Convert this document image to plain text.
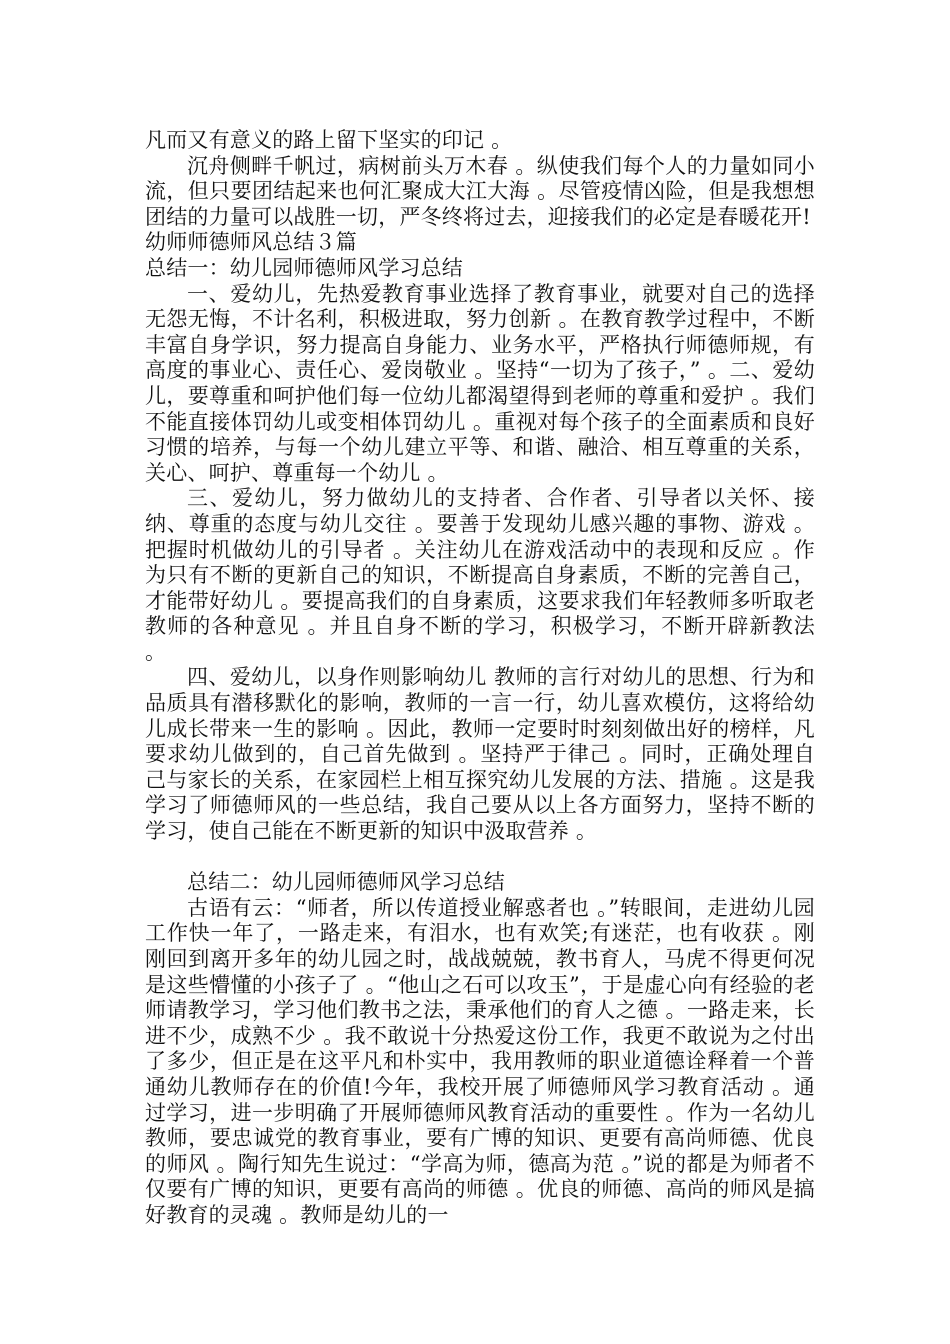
凡而又有意义的路上留下坚实的印记 。

沉舟侧畔千帆过，病树前头万木春 。纵使我们每个人的力量如同小流，但只要团结起来也何汇聚成大江大海 。尽管疫情凶险，但是我想想团结的力量可以战胜一切，严冬终将过去，迎接我们的必定是春暖花开!

幼师师德师风总结３篇

总结一：幼儿园师德师风学习总结

一、爱幼儿，先热爱教育事业选择了教育事业，就要对自己的选择无怨无悔，不计名利，积极进取，努力创新 。在教育教学过程中，不断丰富自身学识，努力提高自身能力、业务水平，严格执行师德师规，有高度的事业心、责任心、爱岗敬业 。坚持“一切为了孩子，” 。二、爱幼儿，要尊重和呵护他们每一位幼儿都渴望得到老师的尊重和爱护 。我们不能直接体罚幼儿或变相体罚幼儿 。重视对每个孩子的全面素质和良好习惯的培养，与每一个幼儿建立平等、和谐、融洽、相互尊重的关系，关心、呵护、尊重每一个幼儿 。

三、爱幼儿，努力做幼儿的支持者、合作者、引导者以关怀、接纳、尊重的态度与幼儿交往 。要善于发现幼儿感兴趣的事物、游戏 。把握时机做幼儿的引导者 。关注幼儿在游戏活动中的表现和反应 。作为只有不断的更新自己的知识，不断提高自身素质，不断的完善自己，才能带好幼儿 。要提高我们的自身素质，这要求我们年轻教师多听取老教师的各种意见 。并且自身不断的学习，积极学习，不断开辟新教法 。

四、爱幼儿，以身作则影响幼儿 教师的言行对幼儿的思想、行为和品质具有潜移默化的影响，教师的一言一行，幼儿喜欢模仿，这将给幼儿成长带来一生的影响 。因此，教师一定要时时刻刻做出好的榜样，凡要求幼儿做到的，自己首先做到 。坚持严于律己 。同时，正确处理自己与家长的关系，在家园栏上相互探究幼儿发展的方法、措施 。这是我学习了师德师风的一些总结，我自己要从以上各方面努力，坚持不断的学习，使自己能在不断更新的知识中汲取营养 。

总结二：幼儿园师德师风学习总结

古语有云：“师者，所以传道授业解惑者也 。”转眼间，走进幼儿园工作快一年了，一路走来，有泪水，也有欢笑;有迷茫，也有收获 。刚刚回到离开多年的幼儿园之时，战战兢兢，教书育人，马虎不得更何况是这些懵懂的小孩子了 。“他山之石可以攻玉”，于是虚心向有经验的老师请教学习，学习他们教书之法，秉承他们的育人之德 。一路走来，长进不少，成熟不少 。我不敢说十分热爱这份工作，我更不敢说为之付出了多少，但正是在这平凡和朴实中，我用教师的职业道德诠释着一个普通幼儿教师存在的价值!今年，我校开展了师德师风学习教育活动 。通过学习，进一步明确了开展师德师风教育活动的重要性 。作为一名幼儿教师，要忠诚党的教育事业，要有广博的知识、更要有高尚师德、优良的师风 。陶行知先生说过：“学高为师，德高为范 。”说的都是为师者不仅要有广博的知识，更要有高尚的师德 。优良的师德、高尚的师风是搞好教育的灵魂 。教师是幼儿的一
